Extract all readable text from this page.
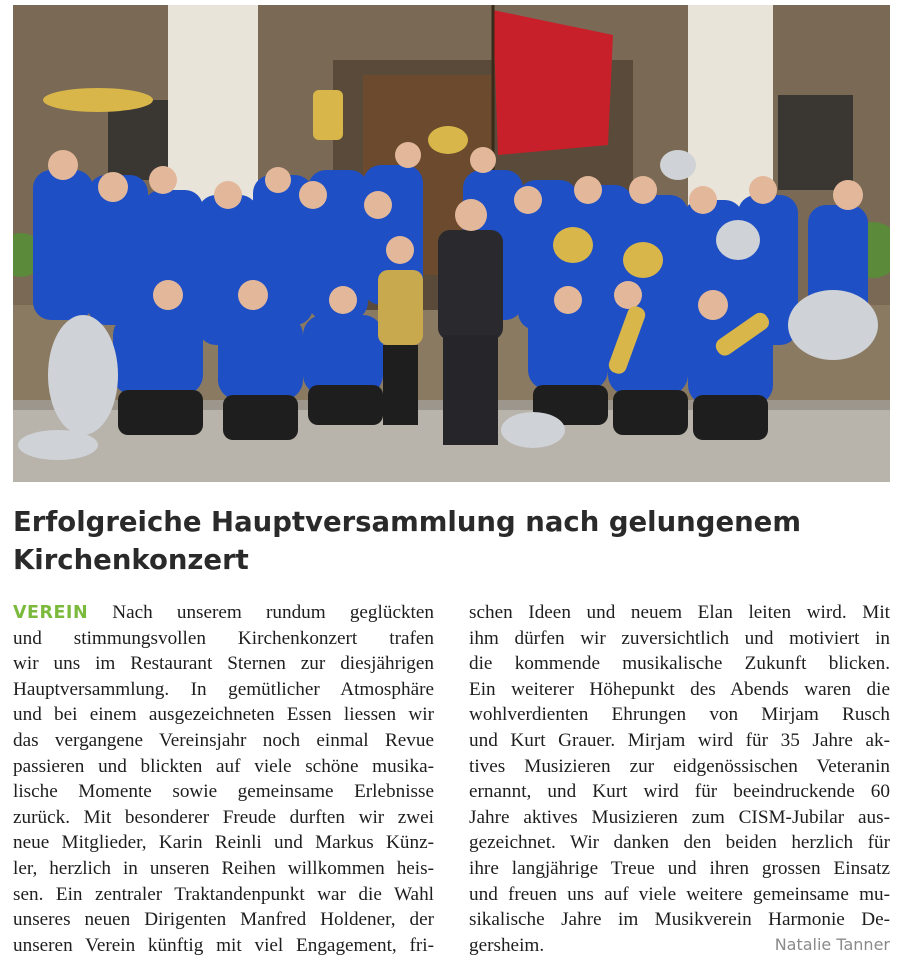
Erfolgreiche Hauptversammlung nach gelungenem Kirchenkonzert
VEREIN Nach unserem rundum geglückten
und stimmungsvollen Kirchenkonzert trafen
wir uns im Restaurant Sternen zur diesjährigen
Hauptversammlung. In gemütlicher Atmosphäre
und bei einem ausgezeichneten Essen liessen wir
das vergangene Vereinsjahr noch einmal Revue
passieren und blickten auf viele schöne musika-
lische Momente sowie gemeinsame Erlebnisse
zurück. Mit besonderer Freude durften wir zwei
neue Mitglieder, Karin Reinli und Markus Künz-
ler, herzlich in unseren Reihen willkommen heis-
sen. Ein zentraler Traktandenpunkt war die Wahl
unseres neuen Dirigenten Manfred Holdener, der
unseren Verein künftig mit viel Engagement, fri-
schen Ideen und neuem Elan leiten wird. Mit
ihm dürfen wir zuversichtlich und motiviert in
die kommende musikalische Zukunft blicken.
Ein weiterer Höhepunkt des Abends waren die
wohlverdienten Ehrungen von Mirjam Rusch
und Kurt Grauer. Mirjam wird für 35 Jahre ak-
tives Musizieren zur eidgenössischen Veteranin
ernannt, und Kurt wird für beeindruckende 60
Jahre aktives Musizieren zum CISM-Jubilar aus-
gezeichnet. Wir danken den beiden herzlich für
ihre langjährige Treue und ihren grossen Einsatz
und freuen uns auf viele weitere gemeinsame mu-
sikalische Jahre im Musikverein Harmonie De-
gersheim.	Natalie Tanner
